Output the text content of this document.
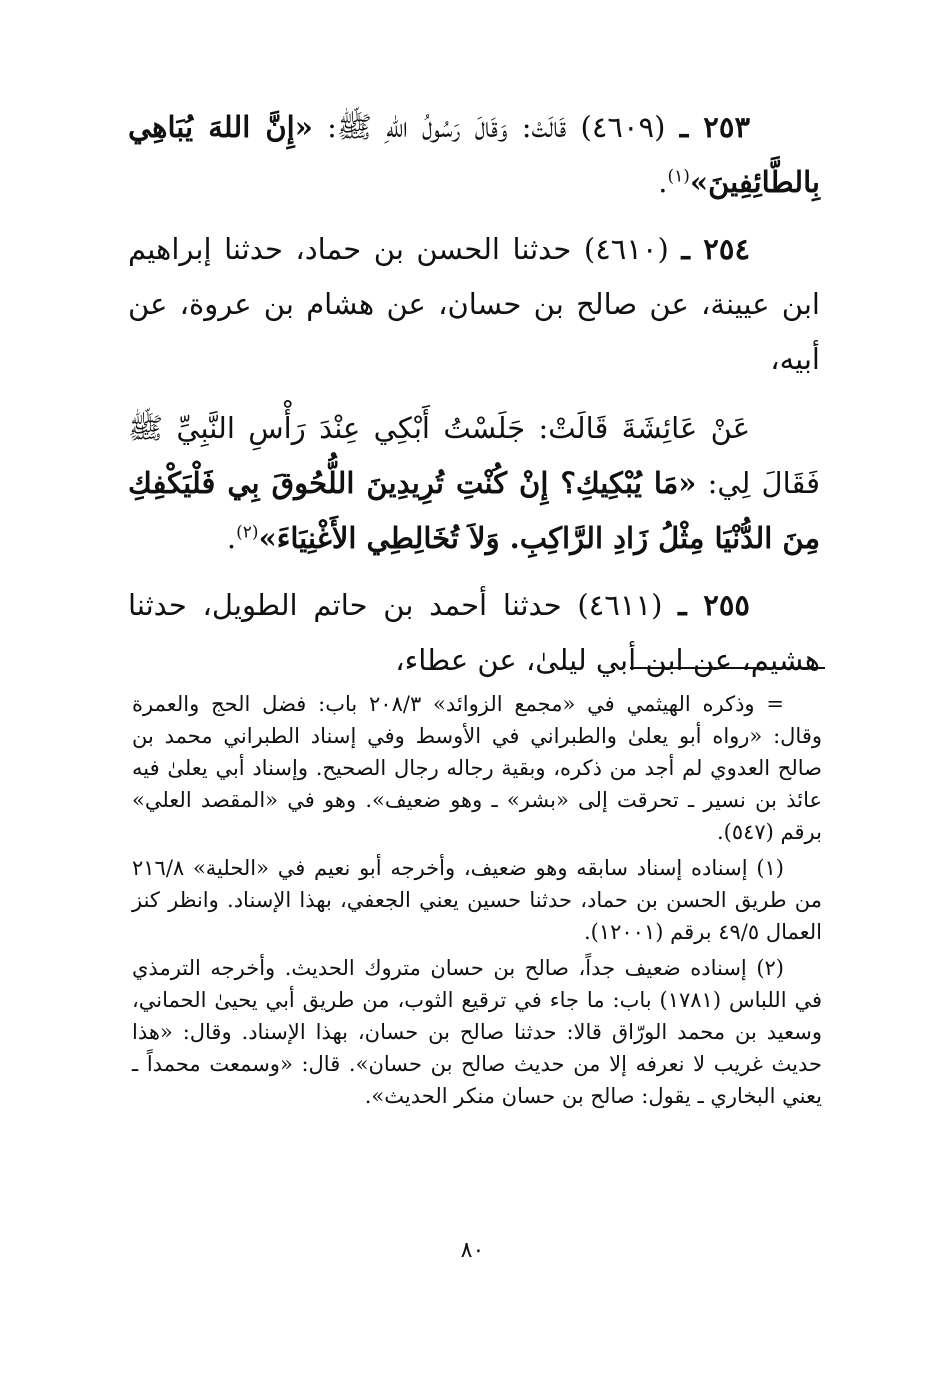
٢٥٣ ـ (٤٦٠٩) قَالَتْ: وَقَالَ رَسُولُ اللهِ ﷺ: «إِنَّ اللهَ يُبَاهِي بِالطَّائِفِينَ»$^{(١)}$.

٢٥٤ ـ (٤٦١٠) حدثنا الحسن بن حماد، حدثنا إبراهيم ابن عيينة، عن صالح بن حسان، عن هشام بن عروة، عن أبيه،

عَنْ عَائِشَةَ قَالَتْ: جَلَسْتُ أَبْكِي عِنْدَ رَأْسِ النَّبِيِّ ﷺ فَقَالَ لِي: «مَا يُبْكِيكِ؟ إِنْ كُنْتِ تُرِيدِينَ اللُّحُوقَ بِي فَلْيَكْفِكِ مِنَ الدُّنْيَا مِثْلُ زَادِ الرَّاكِبِ. وَلاَ تُخَالِطِي الأَغْنِيَاءَ»$^{(٢)}$.

٢٥٥ ـ (٤٦١١) حدثنا أحمد بن حاتم الطويل، حدثنا هشيم، عن ابن أبي ليلىٰ، عن عطاء،

= وذكره الهيثمي في «مجمع الزوائد» ٢٠٨/٣ باب: فضل الحج والعمرة وقال: «رواه أبو يعلىٰ والطبراني في الأوسط وفي إسناد الطبراني محمد بن صالح العدوي لم أجد من ذكره، وبقية رجاله رجال الصحيح. وإسناد أبي يعلىٰ فيه عائذ بن نسير ـ تحرقت إلى «بشر» ـ وهو ضعيف». وهو في «المقصد العلي» برقم (٥٤٧).

(١) إسناده إسناد سابقه وهو ضعيف، وأخرجه أبو نعيم في «الحلية» ٢١٦/٨ من طريق الحسن بن حماد، حدثنا حسين يعني الجعفي، بهذا الإسناد. وانظر كنز العمال ٤٩/٥ برقم (١٢٠٠١).

(٢) إسناده ضعيف جداً، صالح بن حسان متروك الحديث. وأخرجه الترمذي في اللباس (١٧٨١) باب: ما جاء في ترقيع الثوب، من طريق أبي يحيىٰ الحماني، وسعيد بن محمد الورّاق قالا: حدثنا صالح بن حسان، بهذا الإسناد. وقال: «هذا حديث غريب لا نعرفه إلا من حديث صالح بن حسان». قال: «وسمعت محمداً ـ يعني البخاري ـ يقول: صالح بن حسان منكر الحديث».

٨٠
